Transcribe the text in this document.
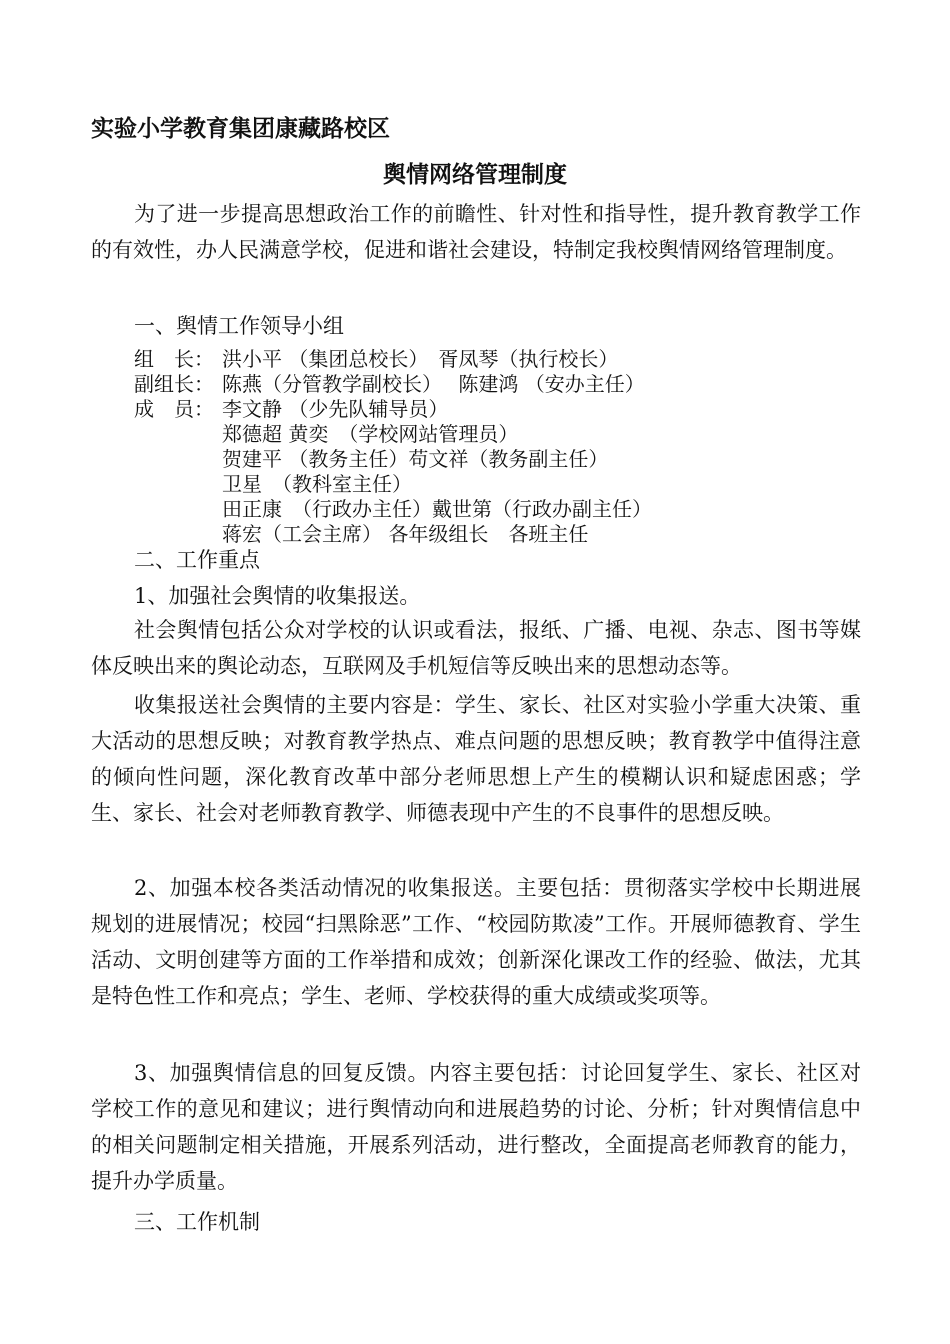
实验小学教育集团康藏路校区
舆情网络管理制度
为了进一步提高思想政治工作的前瞻性、针对性和指导性，提升教育教学工作的有效性，办人民满意学校，促进和谐社会建设，特制定我校舆情网络管理制度。
一、舆情工作领导小组
组　长： 洪小平 （集团总校长）　胥凤琴（执行校长）
副组长： 陈燕（分管教学副校长）　 陈建鸿 （安办主任）
成　员： 李文静 （少先队辅导员）
郑德超 黄奕　（学校网站管理员）
贺建平 （教务主任）苟文祥（教务副主任）
卫星　（教科室主任）
田正康　（行政办主任）戴世第（行政办副主任）
蒋宏（工会主席） 各年级组长　各班主任
二、工作重点
1、加强社会舆情的收集报送。
社会舆情包括公众对学校的认识或看法，报纸、广播、电视、杂志、图书等媒体反映出来的舆论动态，互联网及手机短信等反映出来的思想动态等。
收集报送社会舆情的主要内容是：学生、家长、社区对实验小学重大决策、重大活动的思想反映；对教育教学热点、难点问题的思想反映；教育教学中值得注意的倾向性问题，深化教育改革中部分老师思想上产生的模糊认识和疑虑困惑；学生、家长、社会对老师教育教学、师德表现中产生的不良事件的思想反映。
2、加强本校各类活动情况的收集报送。主要包括：贯彻落实学校中长期进展规划的进展情况；校园“扫黑除恶”工作、“校园防欺凌”工作。开展师德教育、学生活动、文明创建等方面的工作举措和成效；创新深化课改工作的经验、做法，尤其是特色性工作和亮点；学生、老师、学校获得的重大成绩或奖项等。
3、加强舆情信息的回复反馈。内容主要包括：讨论回复学生、家长、社区对学校工作的意见和建议；进行舆情动向和进展趋势的讨论、分析；针对舆情信息中的相关问题制定相关措施，开展系列活动，进行整改，全面提高老师教育的能力，提升办学质量。
三、工作机制
